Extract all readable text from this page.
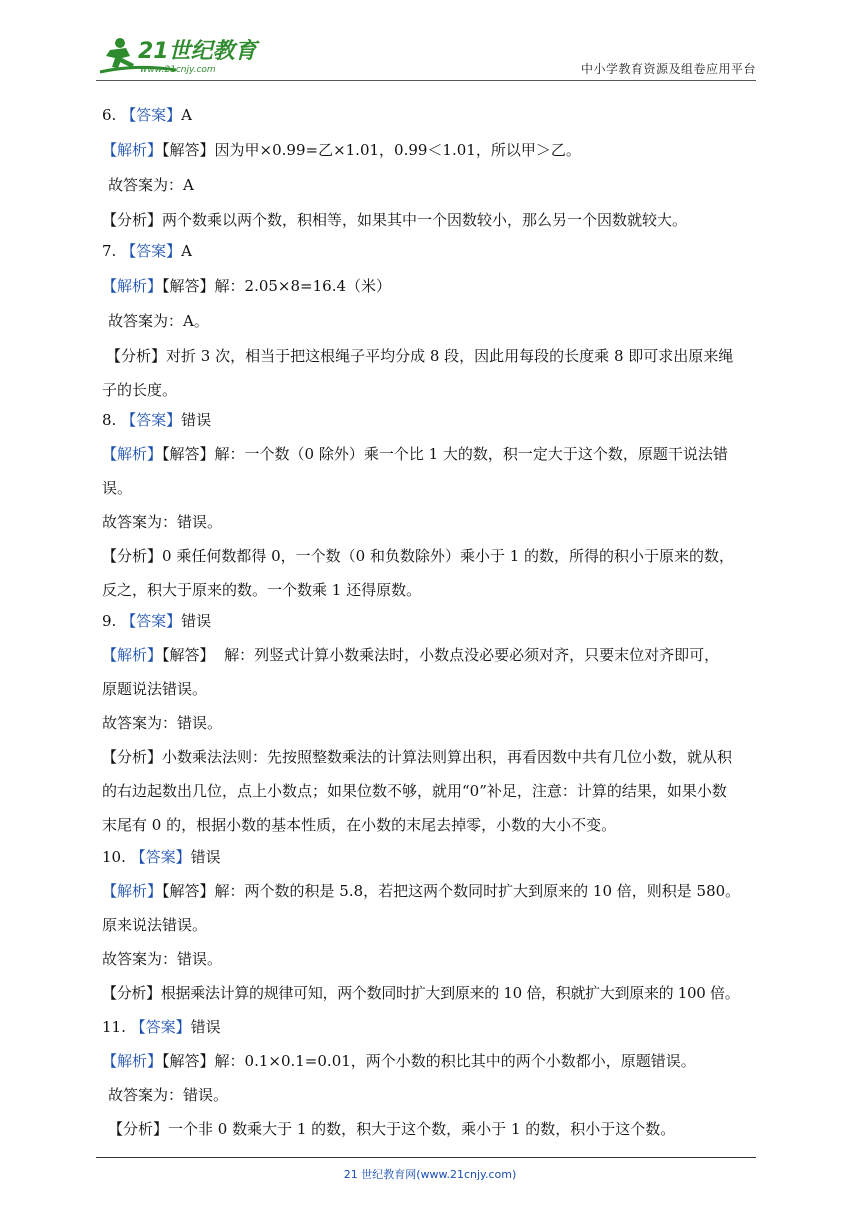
21世纪教育
www.21cnjy.com	中小学教育资源及组卷应用平台

6. 【答案】A

【解析】【解答】因为甲×0.99=乙×1.01，0.99＜1.01，所以甲＞乙。

故答案为：A

【分析】两个数乘以两个数，积相等，如果其中一个因数较小，那么另一个因数就较大。

7. 【答案】A

【解析】【解答】解：2.05×8=16.4（米）

故答案为：A。

【分析】对折 3 次，相当于把这根绳子平均分成 8 段，因此用每段的长度乘 8 即可求出原来绳

子的长度。

8. 【答案】错误

【解析】【解答】解：一个数（0 除外）乘一个比 1 大的数，积一定大于这个数，原题干说法错

误。

故答案为：错误。

【分析】0 乘任何数都得 0，一个数（0 和负数除外）乘小于 1 的数，所得的积小于原来的数，

反之，积大于原来的数。一个数乘 1 还得原数。

9. 【答案】错误

【解析】【解答】  解：列竖式计算小数乘法时，小数点没必要必须对齐，只要末位对齐即可，

原题说法错误。

故答案为：错误。

【分析】小数乘法法则：先按照整数乘法的计算法则算出积，再看因数中共有几位小数，就从积

的右边起数出几位，点上小数点；如果位数不够，就用“0”补足，注意：计算的结果，如果小数

末尾有 0 的，根据小数的基本性质，在小数的末尾去掉零，小数的大小不变。

10. 【答案】错误

【解析】【解答】解：两个数的积是 5.8，若把这两个数同时扩大到原来的 10 倍，则积是 580。

原来说法错误。

故答案为：错误。

【分析】根据乘法计算的规律可知，两个数同时扩大到原来的 10 倍，积就扩大到原来的 100 倍。

11. 【答案】错误

【解析】【解答】解：0.1×0.1=0.01，两个小数的积比其中的两个小数都小，原题错误。

故答案为：错误。

【分析】一个非 0 数乘大于 1 的数，积大于这个数，乘小于 1 的数，积小于这个数。

21 世纪教育网(www.21cnjy.com)
